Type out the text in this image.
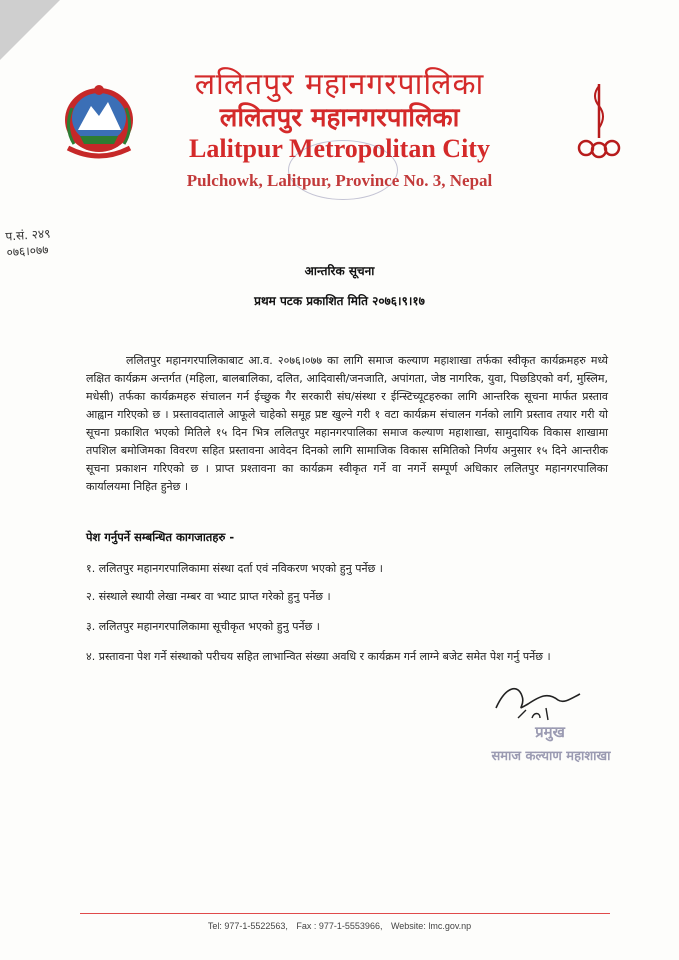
ललितपुर महानगरपालिका
ललितपुर महानगरपालिका
Lalitpur Metropolitan City
Pulchowk, Lalitpur, Province No. 3, Nepal
प.सं. २४९
०७६।०७७
आन्तरिक सूचना
प्रथम पटक प्रकाशित मिति २०७६।९।१७
ललितपुर महानगरपालिकाबाट आ.व. २०७६।०७७ का लागि समाज कल्याण महाशाखा तर्फका स्वीकृत कार्यक्रमहरु मध्ये लक्षित कार्यक्रम अन्तर्गत (महिला, बालबालिका, दलित, आदिवासी/जनजाति, अपांगता, जेष्ठ नागरिक, युवा, पिछडिएको वर्ग, मुस्लिम, मधेसी) तर्फका कार्यक्रमहरु संचालन गर्न ईच्छुक गैर सरकारी संघ/संस्था र ईन्स्टिच्यूटहरुका लागि आन्तरिक सूचना मार्फत प्रस्ताव आह्वान गरिएको छ । प्रस्तावदाताले आफूले चाहेको समूह प्रष्ट खुल्ने गरी १ वटा कार्यक्रम संचालन गर्नको लागि प्रस्ताव तयार गरी यो सूचना प्रकाशित भएको मितिले १५ दिन भित्र ललितपुर महानगरपालिका समाज कल्याण महाशाखा, सामुदायिक विकास शाखामा तपशिल बमोजिमका विवरण सहित प्रस्तावना आवेदन दिनको लागि सामाजिक विकास समितिको निर्णय अनुसार १५ दिने आन्तरीक सूचना प्रकाशन गरिएको छ । प्राप्त प्रश्तावना का कार्यक्रम स्वीकृत गर्ने वा नगर्ने सम्पूर्ण अधिकार ललितपुर महानगरपालिका कार्यालयमा निहित हुनेछ ।
पेश गर्नुपर्ने सम्बन्धित कागजातहरु -
१. ललितपुर महानगरपालिकामा संस्था दर्ता एवं नविकरण भएको हुनु पर्नेछ ।
२. संस्थाले स्थायी लेखा नम्बर वा भ्याट प्राप्त गरेको हुनु पर्नेछ ।
३. ललितपुर महानगरपालिकामा सूचीकृत भएको हुनु पर्नेछ ।
४. प्रस्तावना पेश गर्ने संस्थाको परीचय सहित लाभान्वित संख्या अवधि र कार्यक्रम गर्न लाग्ने बजेट समेत पेश गर्नु पर्नेछ ।
प्रमुख
समाज कल्याण महाशाखा
Tel: 977-1-5522563, Fax : 977-1-5553966, Website: lmc.gov.np
